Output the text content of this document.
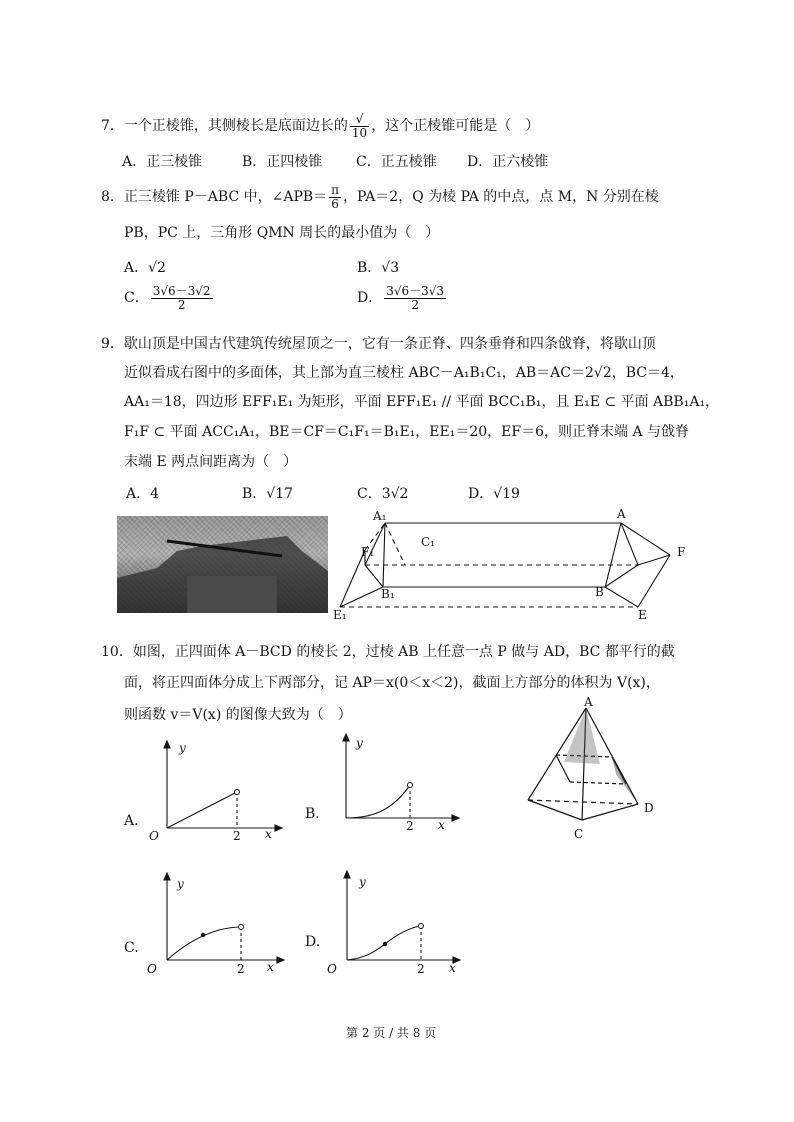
7．一个正棱锥，其侧棱长是底面边长的 $\frac{√}{10}$ ，这个正棱锥可能是（　）
A．正三棱锥	B．正四棱锥 C．正五棱锥 D．正六棱锥
8．正三棱锥 P－ABC 中，∠APB＝ $\frac{\pi}{6}$ ，PA＝2，Q 为棱 PA 的中点，点 M，N 分别在棱
PB，PC 上，三角形 QMN 周长的最小值为（　）
A．√2	B．√3
C． $\frac{3√6-3√2}{2}$	D． $\frac{3√6-3√3}{2}$
9．歇山顶是中国古代建筑传统屋顶之一，它有一条正脊、四条垂脊和四条戗脊，将歇山顶
近似看成右图中的多面体，其上部为直三棱柱 ABC－A₁B₁C₁，AB＝AC＝2√2，BC＝4，
AA₁＝18，四边形 EFF₁E₁ 为矩形，平面 EFF₁E₁ // 平面 BCC₁B₁，且 E₁E ⊂ 平面 ABB₁A₁，
F₁F ⊂ 平面 ACC₁A₁，BE＝CF＝C₁F₁＝B₁E₁，EE₁＝20，EF＝6，则正脊末端 A 与戗脊
末端 E 两点间距离为（　）
A．4	B．√17	C．3√2	D．√19
A₁	A
C₁
F₁	F
B₁	B
E₁	E
10．如图，正四面体 A－BCD 的棱长 2，过棱 AB 上任意一点 P 做与 AD，BC 都平行的截
面，将正四面体分成上下两部分，记 AP＝x(0＜x＜2)，截面上方部分的体积为 V(x)，
则函数 v＝V(x) 的图像大致为（　）
A
D
C
y
x
O	2
A.
y
x
2
B.
y
x
O	2
C.
y
x
O	2
D.
第 2 页 / 共 8 页
